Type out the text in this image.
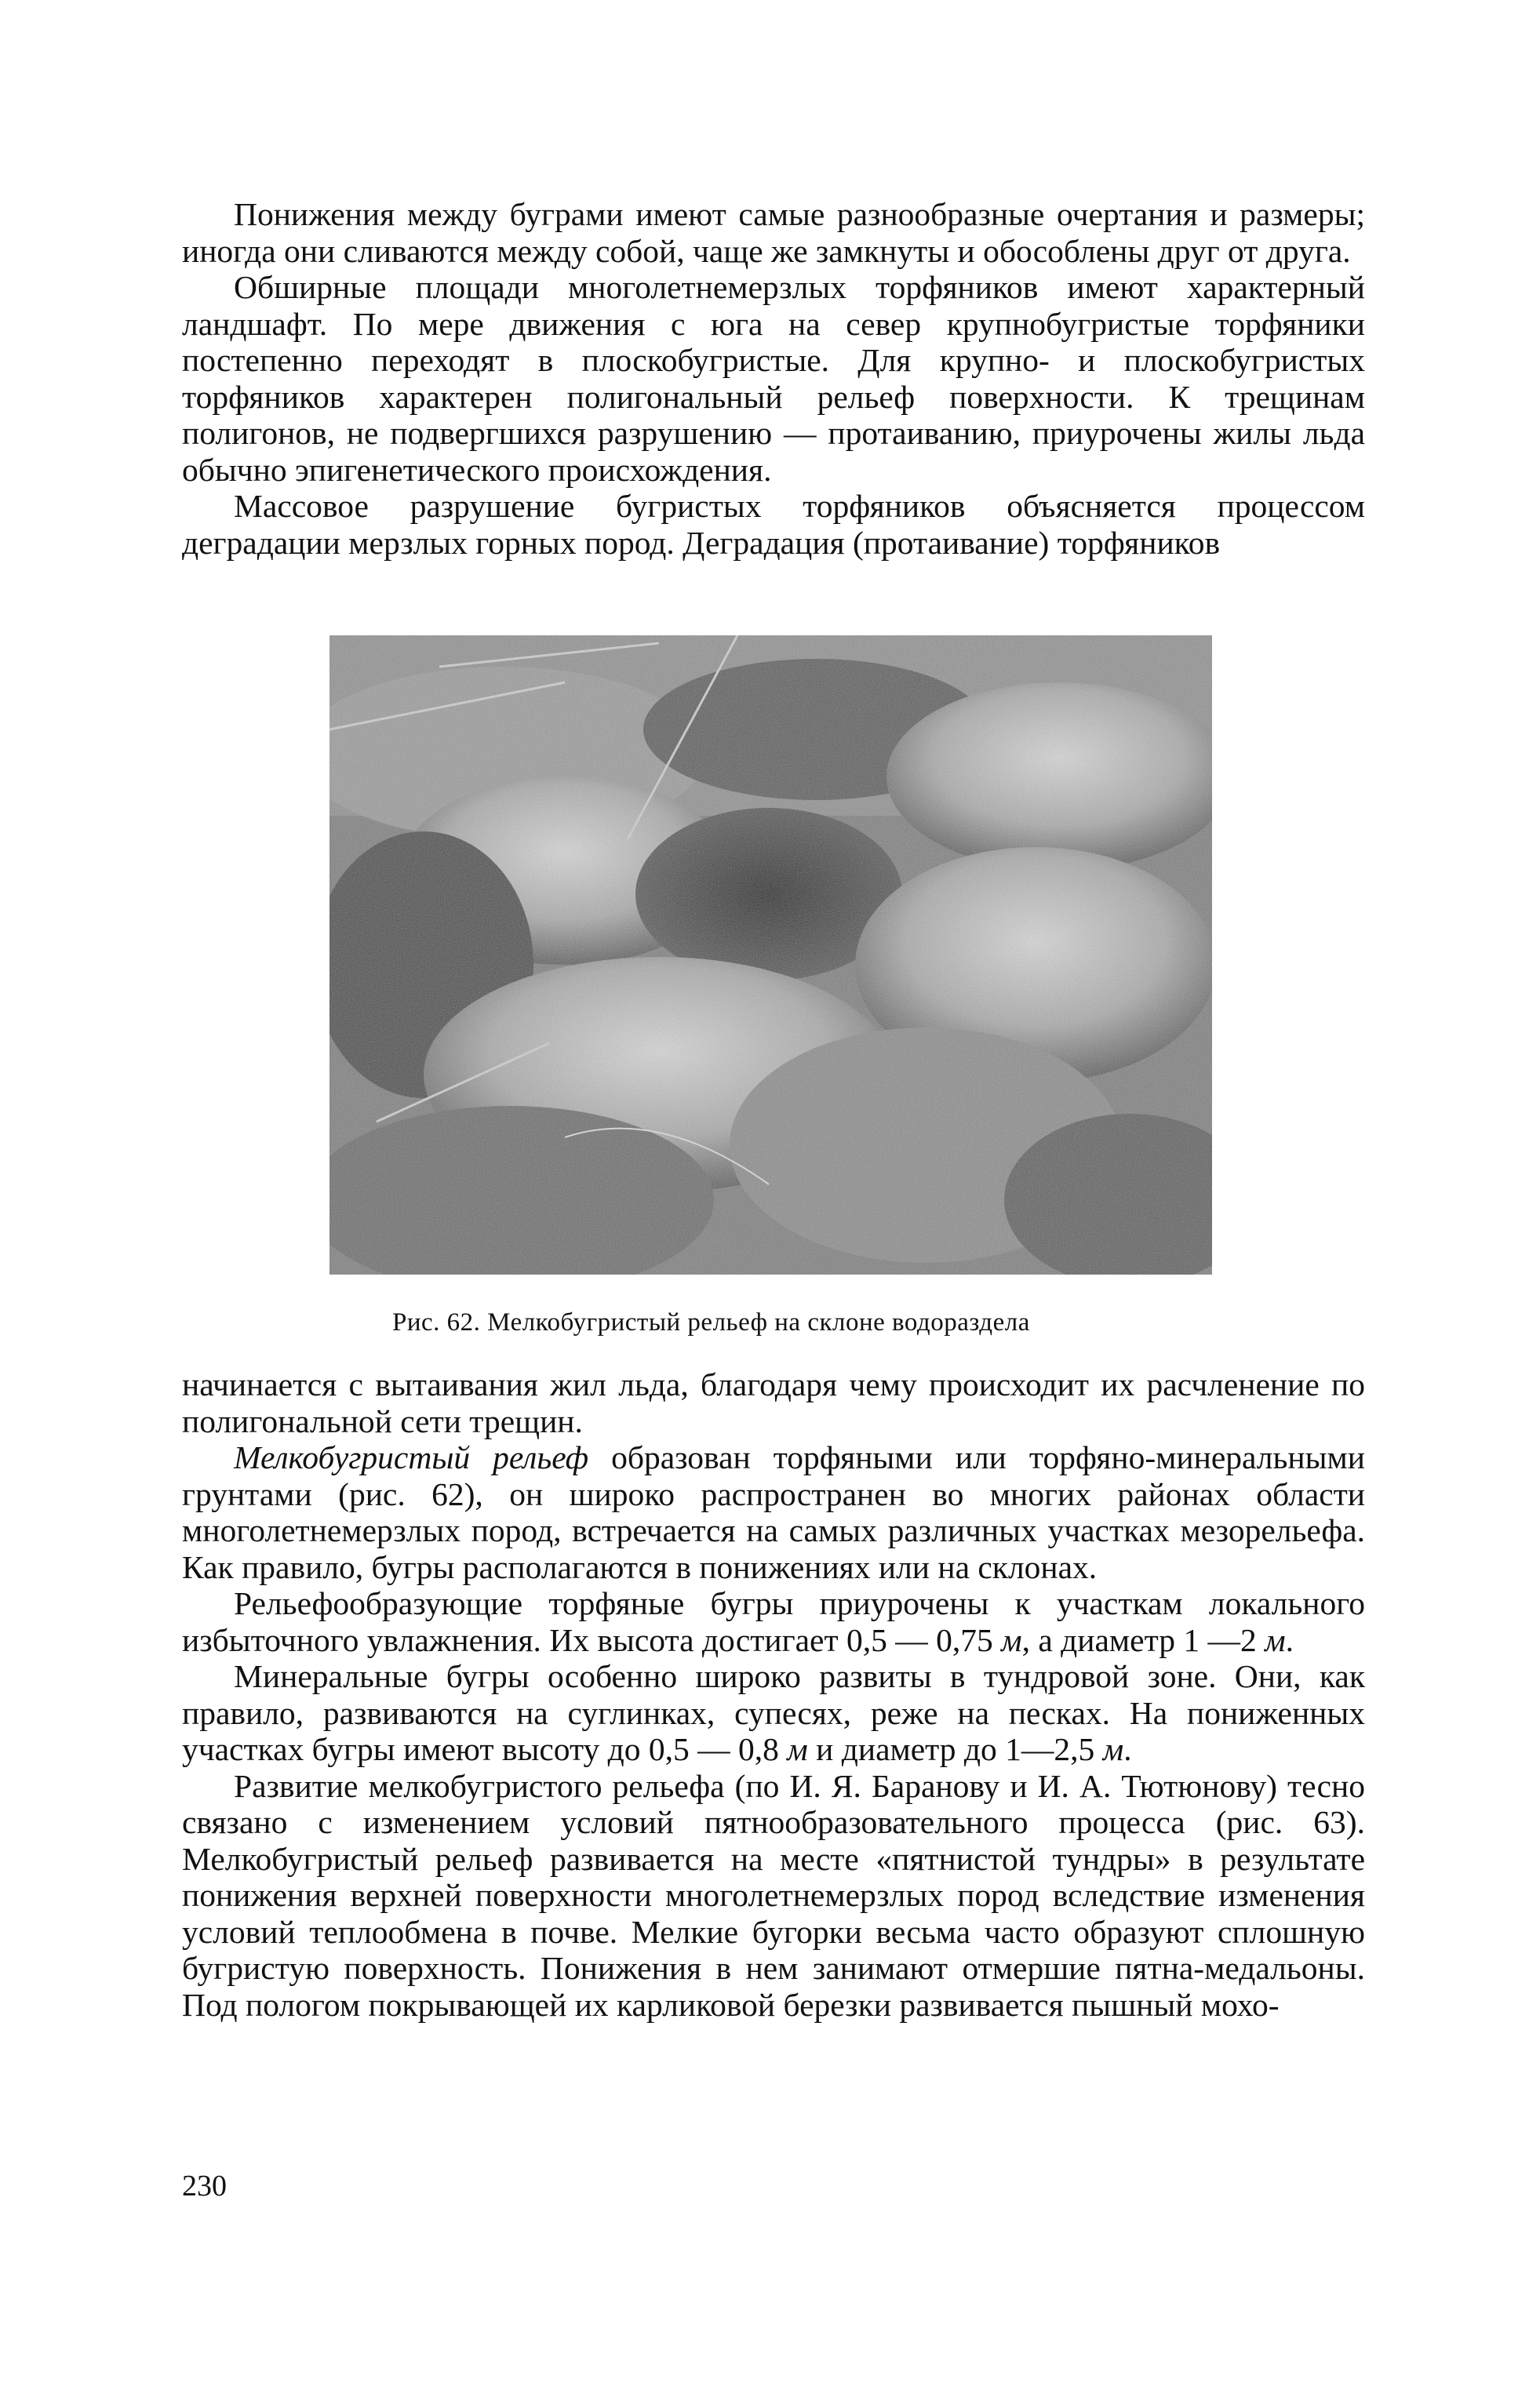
Понижения между буграми имеют самые разнообразные очертания и размеры; иногда они сливаются между собой, чаще же замкнуты и обособлены друг от друга.

Обширные площади многолетнемерзлых торфяников имеют характерный ландшафт. По мере движения с юга на север крупнобугристые торфяники постепенно переходят в плоскобугристые. Для крупно- и плоскобугристых торфяников характерен полигональный рельеф поверхности. К трещинам полигонов, не подвергшихся разрушению — протаиванию, приурочены жилы льда обычно эпигенетического происхождения.

Массовое разрушение бугристых торфяников объясняется процессом деградации мерзлых горных пород. Деградация (протаивание) торфяников

Рис. 62. Мелкобугристый рельеф на склоне водораздела

начинается с вытаивания жил льда, благодаря чему происходит их расчленение по полигональной сети трещин.

Мелкобугристый рельеф образован торфяными или торфяно-минеральными грунтами (рис. 62), он широко распространен во многих районах области многолетнемерзлых пород, встречается на самых различных участках мезорельефа. Как правило, бугры располагаются в понижениях или на склонах.

Рельефообразующие торфяные бугры приурочены к участкам локального избыточного увлажнения. Их высота достигает 0,5 — 0,75 м, а диаметр 1 —2 м.

Минеральные бугры особенно широко развиты в тундровой зоне. Они, как правило, развиваются на суглинках, супесях, реже на песках. На пониженных участках бугры имеют высоту до 0,5 — 0,8 м и диаметр до 1—2,5 м.

Развитие мелкобугристого рельефа (по И. Я. Баранову и И. А. Тютюнову) тесно связано с изменением условий пятнообразовательного процесса (рис. 63). Мелкобугристый рельеф развивается на месте «пятнистой тундры» в результате понижения верхней поверхности многолетнемерзлых пород вследствие изменения условий теплообмена в почве. Мелкие бугорки весьма часто образуют сплошную бугристую поверхность. Понижения в нем занимают отмершие пятна-медальоны. Под пологом покрывающей их карликовой березки развивается пышный мохо-

230
